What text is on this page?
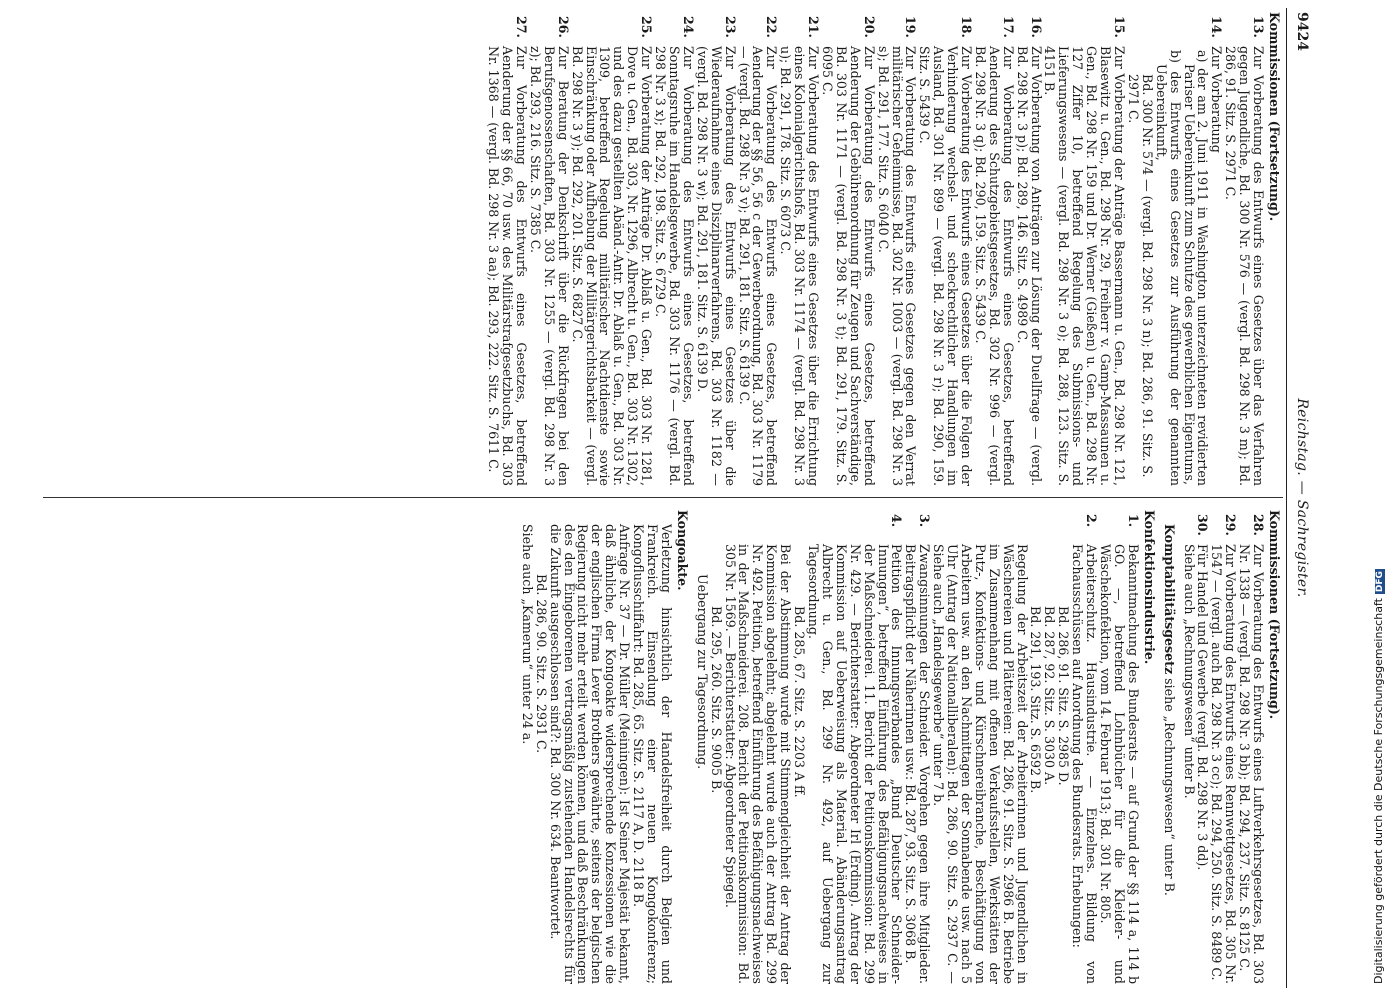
9424
Reichstag. — Sachregister.
Kommissionen (Fortsetzung).
13.
Zur Vorberatung des Entwurfs eines Gesetzes über das Verfahren gegen Jugendliche, Bd. 300 Nr. 576 — (vergl. Bd. 298 Nr. 3 m); Bd. 286, 91. Sitz. S. 2971 C.
14.
Zur Vorberatung
a) der am 2. Juni 1911 in Washington unterzeichneten revidierten Pariser Uebereinkunft zum Schutze des gewerblichen Eigentums,
b) des Entwurfs eines Gesetzes zur Ausführung der genannten Uebereinkunft,
Bd. 300 Nr. 574 — (vergl. Bd. 298 Nr. 3 n); Bd. 286, 91. Sitz. S. 2971 C.
15.
Zur Vorberatung der Anträge Bassermann u. Gen., Bd. 298 Nr. 121, Blasewitz u. Gen., Bd. 298 Nr. 29, Freiherr v. Gamp-Massaunen u. Gen., Bd. 298 Nr. 159 und Dr. Werner (Gießen) u. Gen., Bd. 298 Nr. 127 Ziffer 10, betreffend Regelung des Submissions- und Lieferungswesens — (vergl. Bd. 298 Nr. 3 o); Bd. 288, 123. Sitz. S. 4151 B.
16.
Zur Vorberatung von Anträgen zur Lösung der Duellfrage — (vergl. Bd. 298 Nr. 3 p); Bd. 289, 146. Sitz. S. 4989 C.
17.
Zur Vorberatung des Entwurfs eines Gesetzes, betreffend Aenderung des Schutzgebietsgesetzes, Bd. 302 Nr. 996 — (vergl. Bd. 298 Nr. 3 q); Bd. 290, 159. Sitz. S. 5439 C.
18.
Zur Vorberatung des Entwurfs eines Gesetzes über die Folgen der Verhinderung wechsel- und scheckrechtlicher Handlungen im Ausland, Bd. 301 Nr. 899 — (vergl. Bd. 298 Nr. 3 r); Bd. 290, 159. Sitz. S. 5439 C.
19.
Zur Vorberatung des Entwurfs eines Gesetzes gegen den Verrat militärischer Geheimnisse, Bd. 302 Nr. 1003 — (vergl. Bd. 298 Nr. 3 s); Bd. 291, 177. Sitz. S. 6040 C.
20.
Zur Vorberatung des Entwurfs eines Gesetzes, betreffend Aenderung der Gebührenordnung für Zeugen und Sachverständige, Bd. 303 Nr. 1171 — (vergl. Bd. 298 Nr. 3 t); Bd. 291, 179. Sitz. S. 6095 C.
21.
Zur Vorberatung des Entwurfs eines Gesetzes über die Errichtung eines Kolonialgerichtshofs, Bd. 303 Nr. 1174 — (vergl. Bd. 298 Nr. 3 u); Bd. 291, 178. Sitz. S. 6073 C.
22.
Zur Vorberatung des Entwurfs eines Gesetzes, betreffend Aenderung der §§ 56, 56 c der Gewerbeordnung, Bd. 303 Nr. 1179 — (vergl. Bd. 298 Nr. 3 v); Bd. 291, 181. Sitz. S. 6139 C.
23.
Zur Vorberatung des Entwurfs eines Gesetzes über die Wiederaufnahme eines Disziplinarverfahrens, Bd. 303 Nr. 1182 — (vergl. Bd. 298 Nr. 3 w); Bd. 291, 181. Sitz. S. 6139 D.
24.
Zur Vorberatung des Entwurfs eines Gesetzes, betreffend Sonntagsruhe im Handelsgewerbe, Bd. 303 Nr. 1176 — (vergl. Bd. 298 Nr. 3 x); Bd. 292, 198. Sitz. S. 6729 C.
25.
Zur Vorberatung der Anträge Dr. Ablaß u. Gen., Bd. 303 Nr. 1281, Dove u. Gen., Bd. 303, Nr. 1296, Albrecht u. Gen., Bd. 303 Nr. 1302, und des dazu gestellten Abänd.-Antr. Dr. Ablaß u. Gen., Bd. 303 Nr. 1309, betreffend Regelung militärischer Nachtdienste sowie Einschränkung oder Aufhebung der Militärgerichtsbarkeit — (vergl. Bd. 298 Nr. 3 y); Bd. 292, 201. Sitz. S. 6827 C.
26.
Zur Beratung der Denkschrift über die Rückfragen bei den Berufsgenossenschaften, Bd. 303 Nr. 1255 — (vergl. Bd. 298 Nr. 3 z); Bd. 293, 216. Sitz. S. 7385 C.
27.
Zur Vorberatung des Entwurfs eines Gesetzes, betreffend Aenderung der §§ 66, 70 usw. des Militärstrafgesetzbuchs, Bd. 303 Nr. 1368 — (vergl. Bd. 298 Nr. 3 aa); Bd. 293, 222. Sitz. S. 7611 C.
Kommissionen (Fortsetzung).
28.
Zur Vorberatung des Entwurfs eines Luftverkehrsgesetzes, Bd. 303 Nr. 1338 — (vergl. Bd. 298 Nr. 3 bb); Bd. 294, 237. Sitz. S. 8125 C.
29.
Zur Vorberatung des Entwurfs eines Rennwettgesetzes, Bd. 305 Nr. 1547 — (vergl. auch Bd. 298 Nr. 3 cc); Bd. 294, 250. Sitz. S. 8489 C.
30.
Für Handel und Gewerbe (vergl. Bd. 298 Nr. 3 dd).
Siehe auch „Rechnungswesen“ unter B.
Komptabilitätsgesetz siehe „Rechnungswesen“ unter B.
Konfektionsindustrie.
1.
Bekanntmachung des Bundesrats — auf Grund der §§ 114 a, 114 b GO. —, betreffend Lohnbücher für die Kleider- und Wäschekonfektion, vom 14. Februar 1913; Bd. 301 Nr. 805.
2.
Arbeiterschutz. Hausindustrie. — Einzelnes. Bildung von Fachausschüssen auf Anordnung des Bundesrats. Erhebungen:
Bd. 286, 91. Sitz. S. 2985 D.
Bd. 287, 92. Sitz. S. 3030 A.
Bd. 291, 193. Sitz. S. 6592 B.
Regelung der Arbeitszeit der Arbeiterinnen und Jugendlichen in Wäschereien und Plättereien: Bd. 286, 91. Sitz. S. 2986 B. Betriebe im Zusammenhang mit offenen Verkaufsstellen, Werkstätten der Putz-, Konfektions- und Kürschnereibranche, Beschäftigung von Arbeitern usw. an den Nachmittagen der Sonnabende usw. nach 5 Uhr (Antrag der Nationalliberalen): Bd. 286, 90. Sitz. S. 2937 C. — Siehe auch „Handelsgewerbe“ unter 7 b.
3.
Zwangsinnungen der Schneider. Vorgehen gegen ihre Mitglieder. Beitragspflicht der Näherinnen usw.: Bd. 287, 93. Sitz. S. 3068 B.
4.
Petition des Innungsverbandes „Bund Deutscher Schneider-Innungen“, betreffend Einführung des Befähigungsnachweises in der Maßschneiderei. 11. Bericht der Petitionskommission: Bd. 299 Nr. 429. — Berichterstatter: Abgeordneter Irl (Erding). Antrag der Kommission auf Ueberweisung als Material. Abänderungsantrag Albrecht u. Gen., Bd. 299 Nr. 492, auf Uebergang zur Tagesordnung.
Bd. 285, 67. Sitz. S. 2203 A ff.
Bei der Abstimmung wurde mit Stimmengleichheit der Antrag der Kommission abgelehnt; abgelehnt wurde auch der Antrag Bd. 299 Nr. 492. Petition, betreffend Einführung des Befähigungsnachweises in der Maßschneiderei. 208. Bericht der Petitionskommission: Bd. 305 Nr. 1569. — Berichterstatter: Abgeordneter Spiegel.
Bd. 295, 260. Sitz. S. 9005 B.
Uebergang zur Tagesordnung.
Kongoakte.
Verletzung hinsichtlich der Handelsfreiheit durch Belgien und Frankreich. Einsendung einer neuen Kongokonferenz; Kongoflusschiffahrt: Bd. 285, 65. Sitz. S. 2117 A, D. 2118 B.
Anfrage Nr. 37 — Dr. Müller (Meiningen): Ist Seiner Majestät bekannt, daß ähnliche, der Kongoakte widersprechende Konzessionen wie die der englischen Firma Lever Brothers gewährte, seitens der belgischen Regierung nicht mehr erteilt werden können, und daß Beschränkungen des den Eingeborenen vertragsmäßig zustehenden Handelsrechts für die Zukunft ausgeschlossen sind?: Bd. 300 Nr. 634. Beantwortet.
Bd. 286, 90. Sitz. S. 2931 C.
Siehe auch „Kamerun“ unter 24 a.	Digitalisierung gefördert durch die Deutsche ForschungsgemeinschaftDFG
